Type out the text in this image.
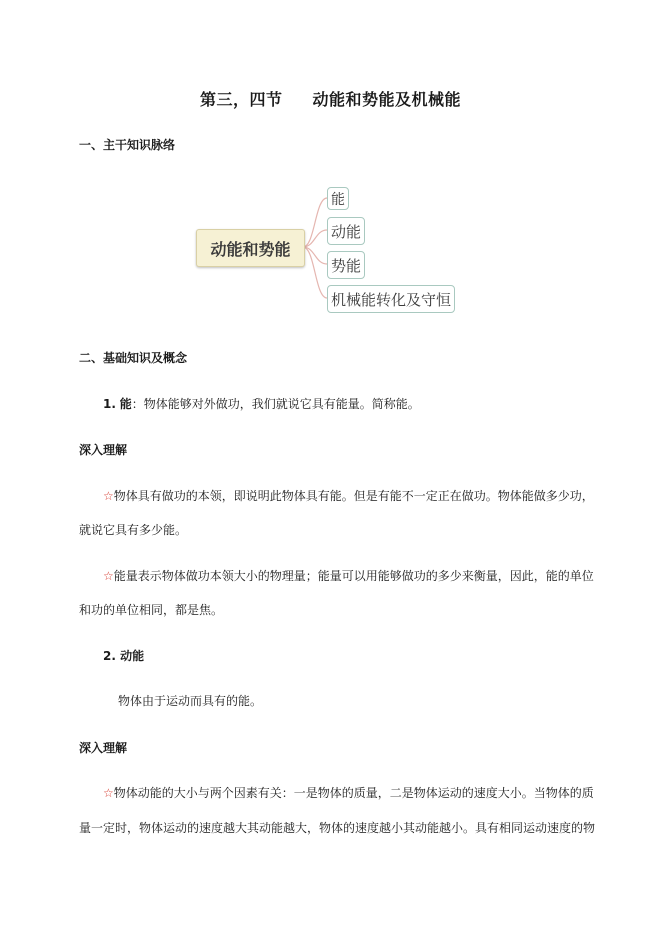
第三，四节 动能和势能及机械能
一、主干知识脉络
动能和势能
能
动能
势能
机械能转化及守恒
二、基础知识及概念
1. 能：物体能够对外做功，我们就说它具有能量。简称能。
深入理解
☆物体具有做功的本领，即说明此物体具有能。但是有能不一定正在做功。物体能做多少功，
就说它具有多少能。
☆能量表示物体做功本领大小的物理量；能量可以用能够做功的多少来衡量，因此，能的单位
和功的单位相同，都是焦。
2. 动能
物体由于运动而具有的能。
深入理解
☆物体动能的大小与两个因素有关：一是物体的质量，二是物体运动的速度大小。当物体的质
量一定时，物体运动的速度越大其动能越大，物体的速度越小其动能越小。具有相同运动速度的物
